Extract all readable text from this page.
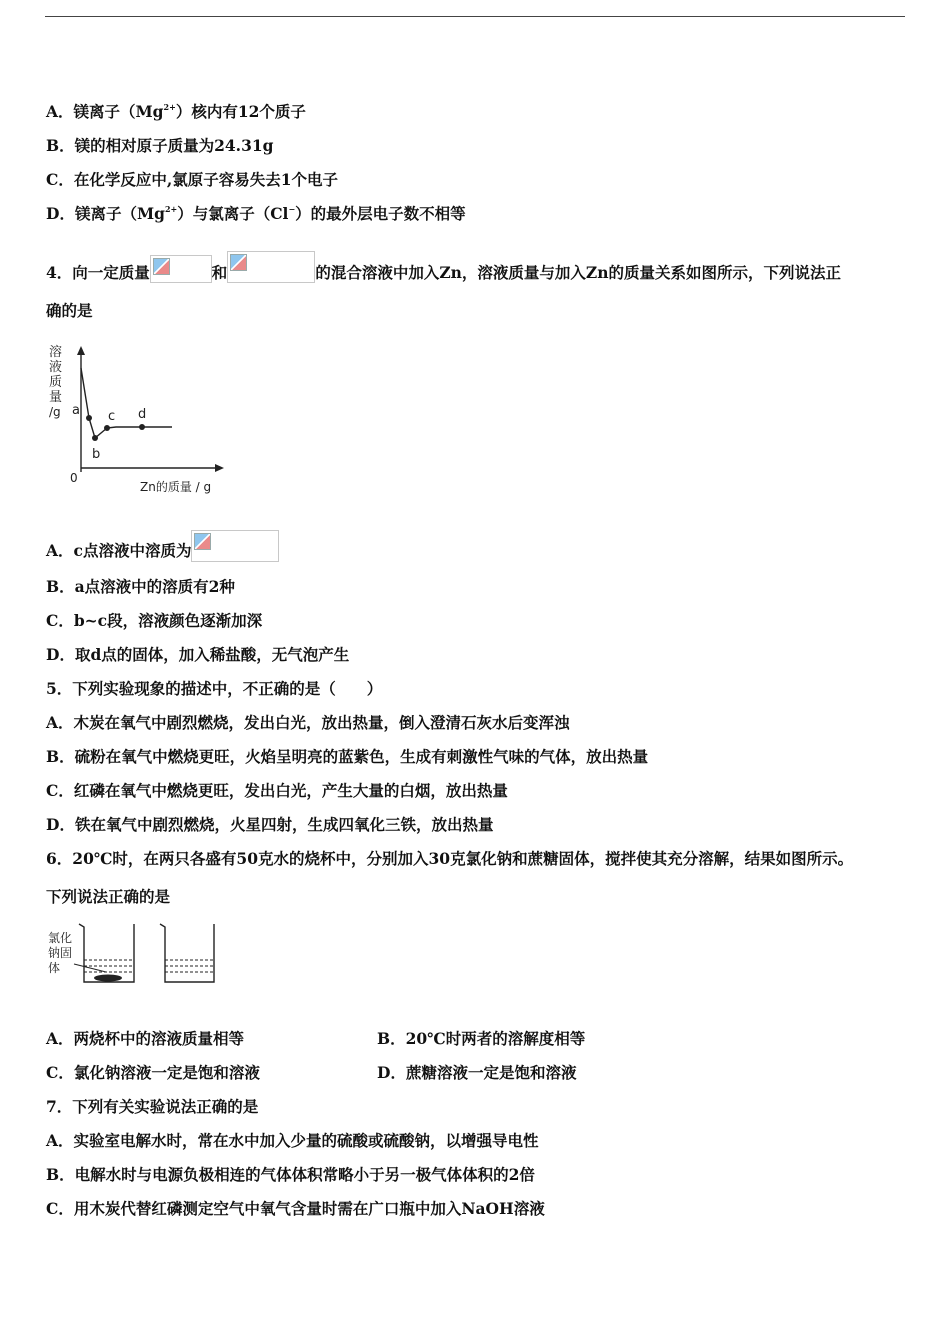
A．镁离子$(Mg^{2+})$核内有12个质子
B．镁的相对原子质量为24.31g
C．在化学反应中,氯原子容易失去1个电子
D．镁离子$(Mg^{2+})$与氯离子（Cl−）的最外层电子数不相等
4．向一定质量	和	的混合溶液中加入Zn，溶液质量与加入Zn的质量关系如图所示，下列说法正
确的是
溶
液
质
量
/g a
b
c d
0
Zn的质量 / g
A．c点溶液中溶质为
B．a点溶液中的溶质有2种
C．b~c段，溶液颜色逐渐加深
D．取d点的固体，加入稀盐酸，无气泡产生
5．下列实验现象的描述中，不正确的是（　　）
A．木炭在氧气中剧烈燃烧，发出白光，放出热量，倒入澄清石灰水后变浑浊
B．硫粉在氧气中燃烧更旺，火焰呈明亮的蓝紫色，生成有刺激性气味的气体，放出热量
C．红磷在氧气中燃烧更旺，发出白光，产生大量的白烟，放出热量
D．铁在氧气中剧烈燃烧，火星四射，生成四氧化三铁，放出热量
6．20℃时，在两只各盛有50克水的烧杯中，分别加入30克氯化钠和蔗糖固体，搅拌使其充分溶解，结果如图所示。
下列说法正确的是
氯化
钠固
体
A．两烧杯中的溶液质量相等	B．20℃时两者的溶解度相等
C．氯化钠溶液一定是饱和溶液	D．蔗糖溶液一定是饱和溶液
7．下列有关实验说法正确的是
A．实验室电解水时，常在水中加入少量的硫酸或硫酸钠，以增强导电性
B．电解水时与电源负极相连的气体体积常略小于另一极气体体积的2倍
C．用木炭代替红磷测定空气中氧气含量时需在广口瓶中加入NaOH溶液
